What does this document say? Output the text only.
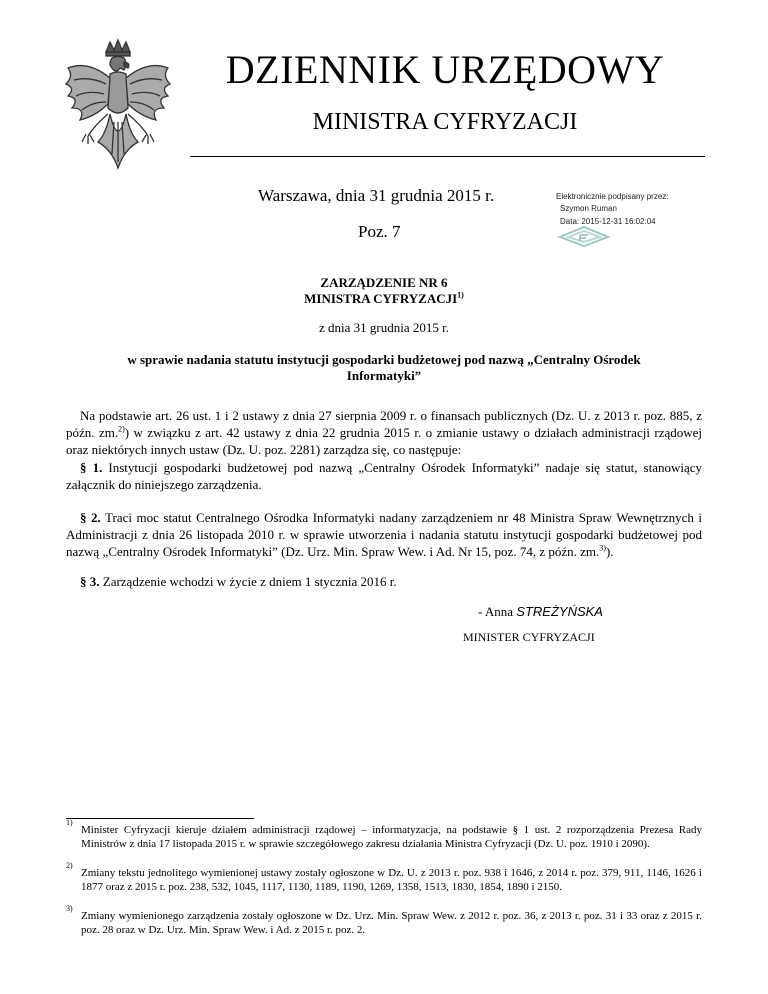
DZIENNIK URZĘDOWY
MINISTRA CYFRYZACJI
Warszawa, dnia 31 grudnia 2015 r.
Poz. 7
Elektronicznie podpisany przez:
Szymon Ruman
Data: 2015-12-31 16:02:04
ZARZĄDZENIE NR 6
MINISTRA CYFRYZACJI$^{1)}$
z dnia 31 grudnia 2015 r.
w sprawie nadania statutu instytucji gospodarki budżetowej pod nazwą „Centralny Ośrodek Informatyki”
Na podstawie art. 26 ust. 1 i 2 ustawy z dnia 27 sierpnia 2009 r. o finansach publicznych (Dz. U. z 2013 r. poz. 885, z późn. zm.$^{2)}$) w związku z art. 42 ustawy z dnia 22 grudnia 2015 r. o zmianie ustawy o działach administracji rządowej oraz niektórych innych ustaw (Dz. U. poz. 2281) zarządza się, co następuje:
§ 1. Instytucji gospodarki budżetowej pod nazwą „Centralny Ośrodek Informatyki” nadaje się statut, stanowiący załącznik do niniejszego zarządzenia.
§ 2. Traci moc statut Centralnego Ośrodka Informatyki nadany zarządzeniem nr 48 Ministra Spraw Wewnętrznych i Administracji z dnia 26 listopada 2010 r. w sprawie utworzenia i nadania statutu instytucji gospodarki budżetowej pod nazwą „Centralny Ośrodek Informatyki” (Dz. Urz. Min. Spraw Wew. i Ad. Nr 15, poz. 74, z późn. zm.$^{3)}$).
§ 3. Zarządzenie wchodzi w życie z dniem 1 stycznia 2016 r.
- Anna STREŻYŃSKA
MINISTER CYFRYZACJI
1)
Minister Cyfryzacji kieruje działem administracji rządowej – informatyzacja, na podstawie § 1 ust. 2 rozporządzenia Prezesa Rady Ministrów z dnia 17 listopada 2015 r. w sprawie szczegółowego zakresu działania Ministra Cyfryzacji (Dz. U. poz. 1910 i 2090).
2)
Zmiany tekstu jednolitego wymienionej ustawy zostały ogłoszone w Dz. U. z 2013 r. poz. 938 i 1646, z 2014 r. poz. 379, 911, 1146, 1626 i 1877 oraz z 2015 r. poz. 238, 532, 1045, 1117, 1130, 1189, 1190, 1269, 1358, 1513, 1830, 1854, 1890 i 2150.
3)
Zmiany wymienionego zarządzenia zostały ogłoszone w Dz. Urz. Min. Spraw Wew. z 2012 r. poz. 36, z 2013 r. poz. 31 i 33 oraz z 2015 r. poz. 28 oraz w Dz. Urz. Min. Spraw Wew. i Ad. z 2015 r. poz. 2.
